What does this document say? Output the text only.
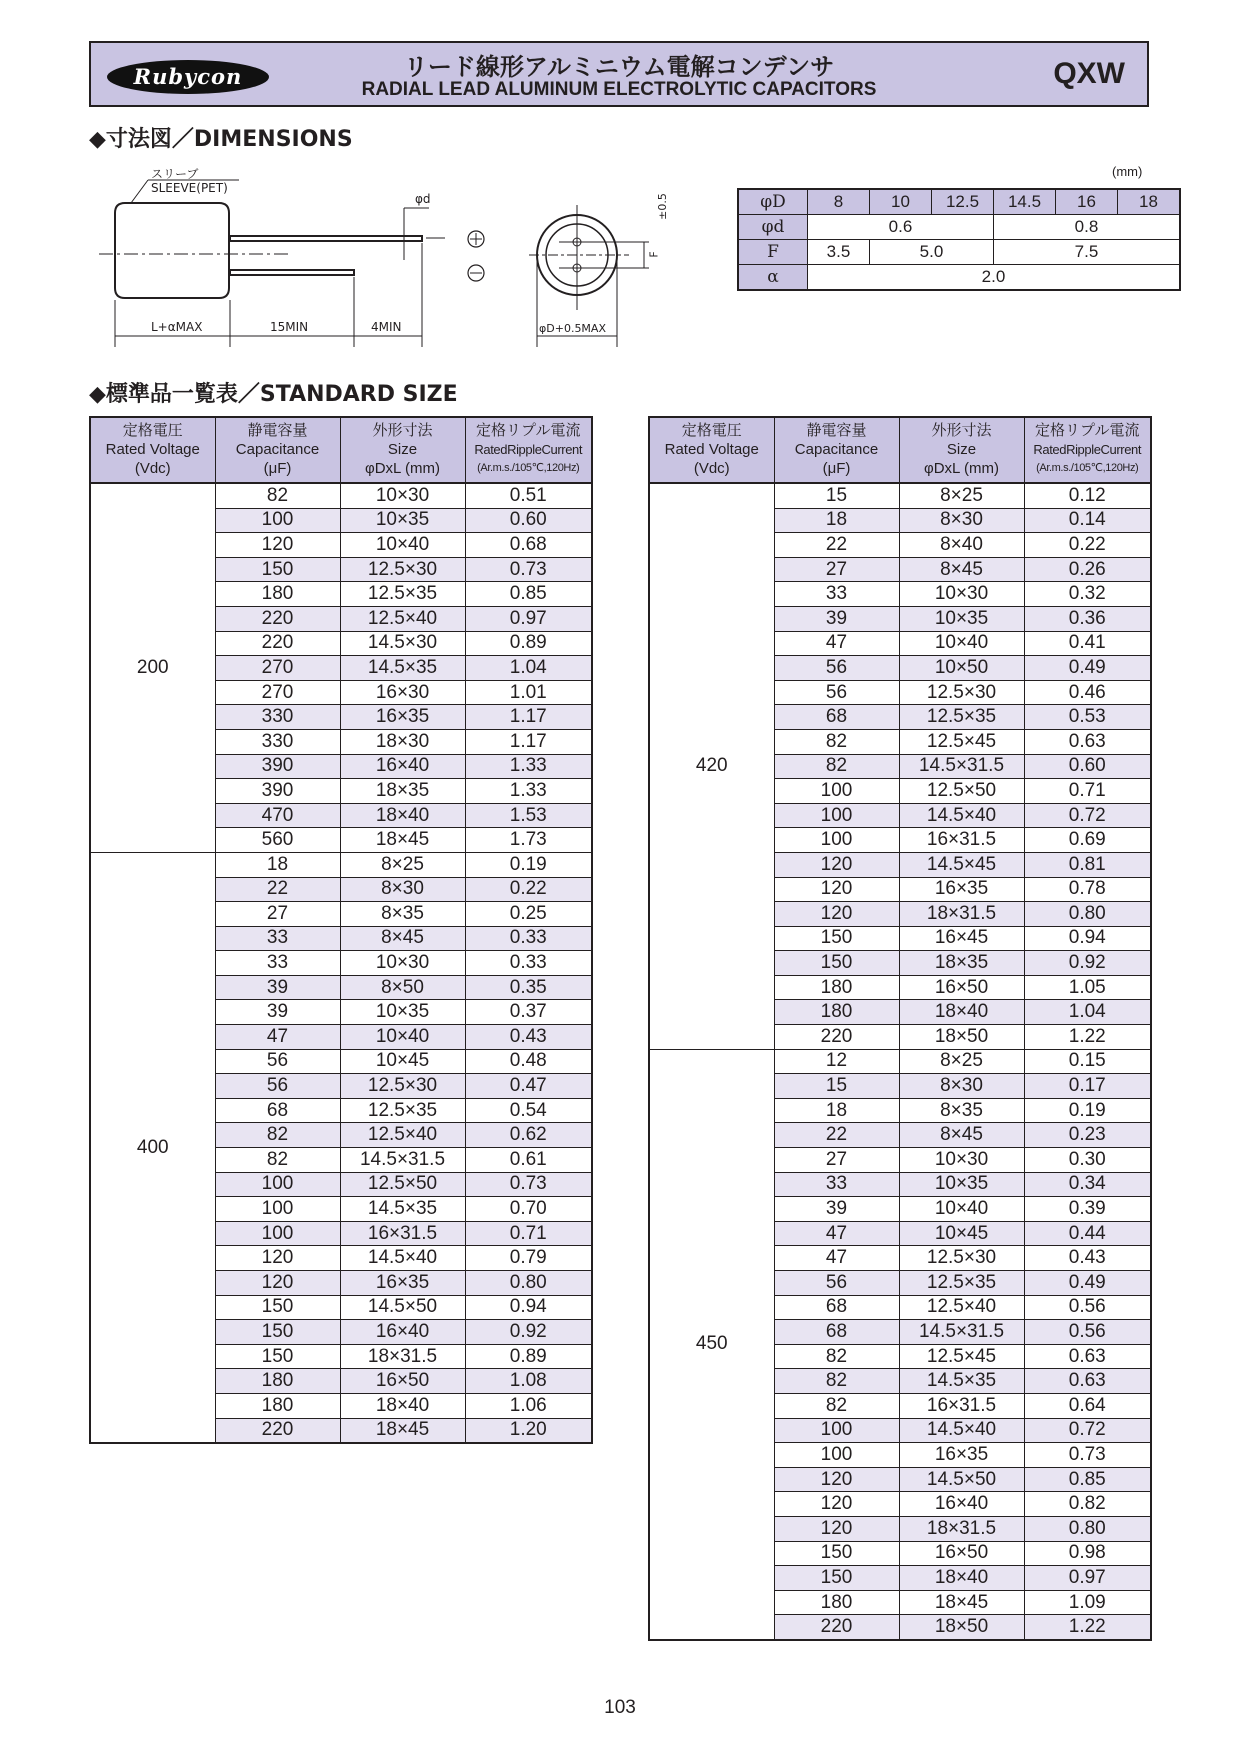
Rubycon	リード線形アルミニウム電解コンデンサ
RADIAL LEAD ALUMINUM ELECTROLYTIC CAPACITORS	QXW
◆寸法図／DIMENSIONS
スリーブ
SLEEVE(PET)
φd
L+αMAX	15MIN	4MIN	φD+0.5MAX
±0.5
F
(mm)
φD	8	10	12.5	14.5	16	18
φd	0.6			0.8		
F	3.5	5.0		7.5		
α	2.0					
◆標準品一覧表／STANDARD SIZE
定格電圧
Rated Voltage
(Vdc)

静電容量
Capacitance
(μF)

外形寸法
Size
φDxL (mm)

定格リプル電流
RatedRippleCurrent
(Ar.m.s./105℃,120Hz)

200	82	10×30	0.51
	100	10×35	0.60
	120	10×40	0.68
	150	12.5×30	0.73
	180	12.5×35	0.85
	220	12.5×40	0.97
	220	14.5×30	0.89
	270	14.5×35	1.04
	270	16×30	1.01
	330	16×35	1.17
	330	18×30	1.17
	390	16×40	1.33
	390	18×35	1.33
	470	18×40	1.53
	560	18×45	1.73
400	18	8×25	0.19
	22	8×30	0.22
	27	8×35	0.25
	33	8×45	0.33
	33	10×30	0.33
	39	8×50	0.35
	39	10×35	0.37
	47	10×40	0.43
	56	10×45	0.48
	56	12.5×30	0.47
	68	12.5×35	0.54
	82	12.5×40	0.62
	82	14.5×31.5	0.61
	100	12.5×50	0.73
	100	14.5×35	0.70
	100	16×31.5	0.71
	120	14.5×40	0.79
	120	16×35	0.80
	150	14.5×50	0.94
	150	16×40	0.92
	150	18×31.5	0.89
	180	16×50	1.08
	180	18×40	1.06
	220	18×45	1.20
定格電圧
Rated Voltage
(Vdc)

静電容量
Capacitance
(μF)

外形寸法
Size
φDxL (mm)

定格リプル電流
RatedRippleCurrent
(Ar.m.s./105℃,120Hz)

420	15	8×25	0.12
	18	8×30	0.14
	22	8×40	0.22
	27	8×45	0.26
	33	10×30	0.32
	39	10×35	0.36
	47	10×40	0.41
	56	10×50	0.49
	56	12.5×30	0.46
	68	12.5×35	0.53
	82	12.5×45	0.63
	82	14.5×31.5	0.60
	100	12.5×50	0.71
	100	14.5×40	0.72
	100	16×31.5	0.69
	120	14.5×45	0.81
	120	16×35	0.78
	120	18×31.5	0.80
	150	16×45	0.94
	150	18×35	0.92
	180	16×50	1.05
	180	18×40	1.04
	220	18×50	1.22
450	12	8×25	0.15
	15	8×30	0.17
	18	8×35	0.19
	22	8×45	0.23
	27	10×30	0.30
	33	10×35	0.34
	39	10×40	0.39
	47	10×45	0.44
	47	12.5×30	0.43
	56	12.5×35	0.49
	68	12.5×40	0.56
	68	14.5×31.5	0.56
	82	12.5×45	0.63
	82	14.5×35	0.63
	82	16×31.5	0.64
	100	14.5×40	0.72
	100	16×35	0.73
	120	14.5×50	0.85
	120	16×40	0.82
	120	18×31.5	0.80
	150	16×50	0.98
	150	18×40	0.97
	180	18×45	1.09
	220	18×50	1.22
103
